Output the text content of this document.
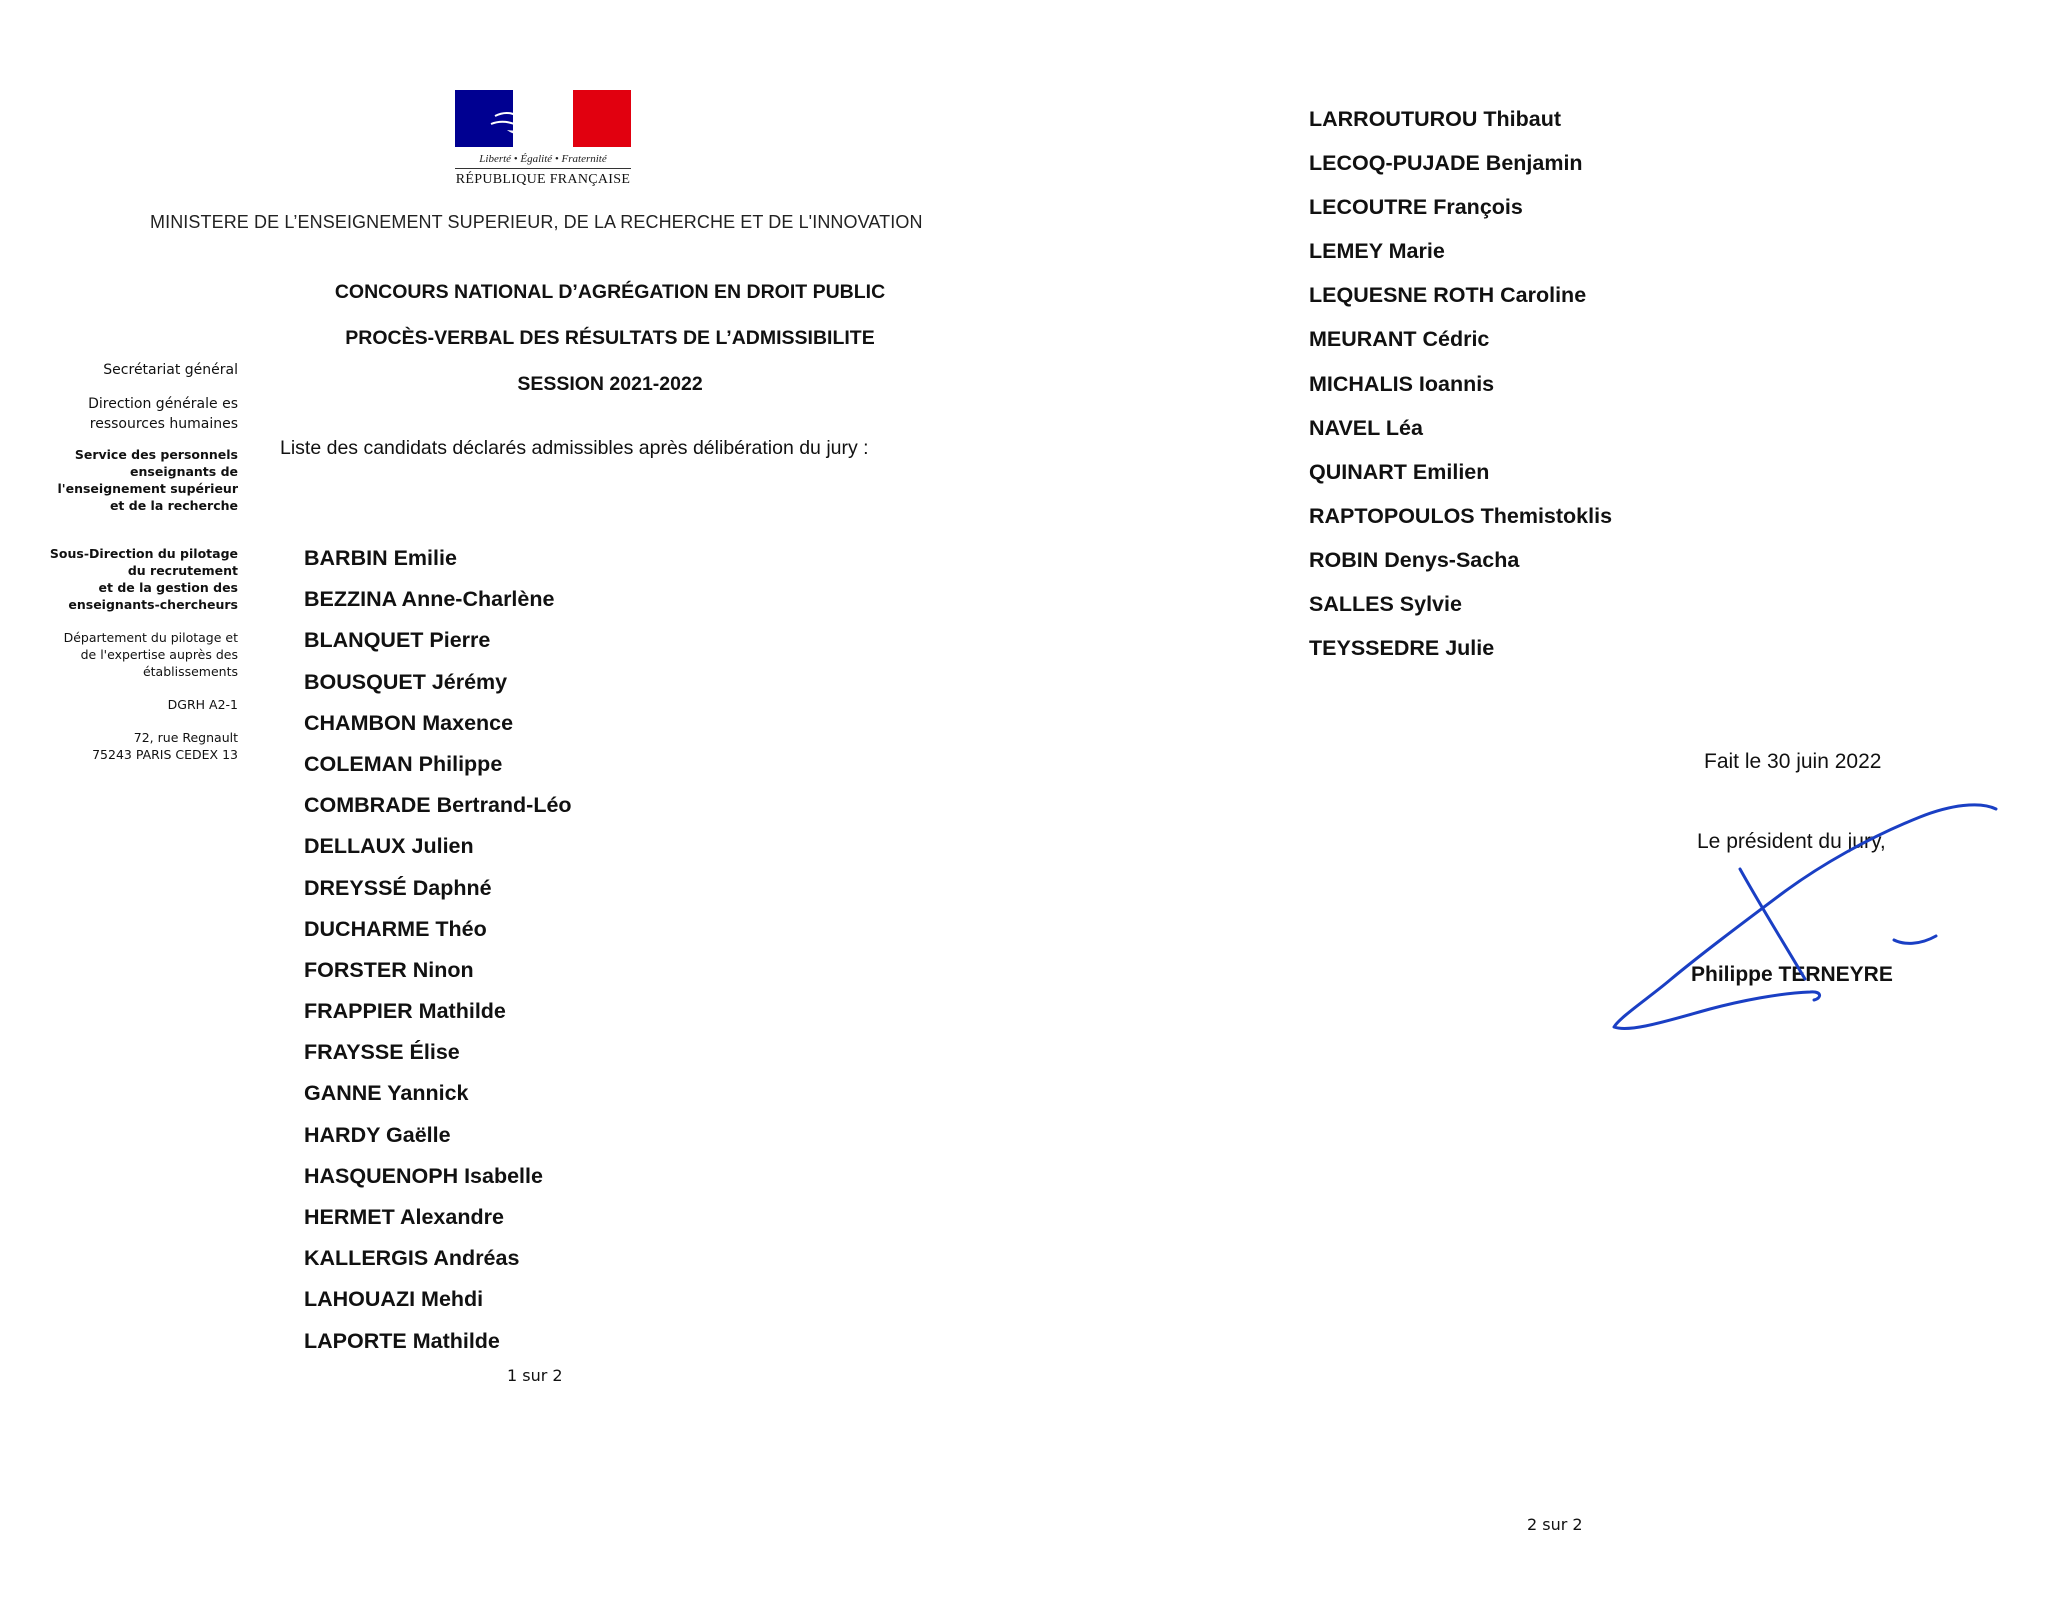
Liberté • Égalité • Fraternité
RÉPUBLIQUE FRANÇAISE
MINISTERE DE L’ENSEIGNEMENT SUPERIEUR, DE LA RECHERCHE ET DE L'INNOVATION
CONCOURS NATIONAL D’AGRÉGATION EN DROIT PUBLIC
PROCÈS-VERBAL DES RÉSULTATS DE L’ADMISSIBILITE
SESSION 2021-2022
Secrétariat général
Direction générale es
ressources humaines
Service des personnels
enseignants de
l'enseignement supérieur
et de la recherche
Sous-Direction du pilotage
du recrutement
et de la gestion des
enseignants-chercheurs
Département du pilotage et
de l'expertise auprès des
établissements
DGRH A2-1
72, rue Regnault
75243 PARIS CEDEX 13
Liste des candidats déclarés admissibles après délibération du jury :
BARBIN Emilie
BEZZINA Anne-Charlène
BLANQUET Pierre
BOUSQUET Jérémy
CHAMBON Maxence
COLEMAN Philippe
COMBRADE Bertrand-Léo
DELLAUX Julien
DREYSSÉ Daphné
DUCHARME Théo
FORSTER Ninon
FRAPPIER Mathilde
FRAYSSE Élise
GANNE Yannick
HARDY Gaëlle
HASQUENOPH Isabelle
HERMET Alexandre
KALLERGIS Andréas
LAHOUAZI Mehdi
LAPORTE Mathilde
1 sur 2
LARROUTUROU Thibaut
LECOQ-PUJADE Benjamin
LECOUTRE François
LEMEY Marie
LEQUESNE ROTH Caroline
MEURANT Cédric
MICHALIS Ioannis
NAVEL Léa
QUINART Emilien
RAPTOPOULOS Themistoklis
ROBIN Denys-Sacha
SALLES Sylvie
TEYSSEDRE Julie
Fait le 30 juin 2022
Le président du jury,
Philippe TERNEYRE
2 sur 2
